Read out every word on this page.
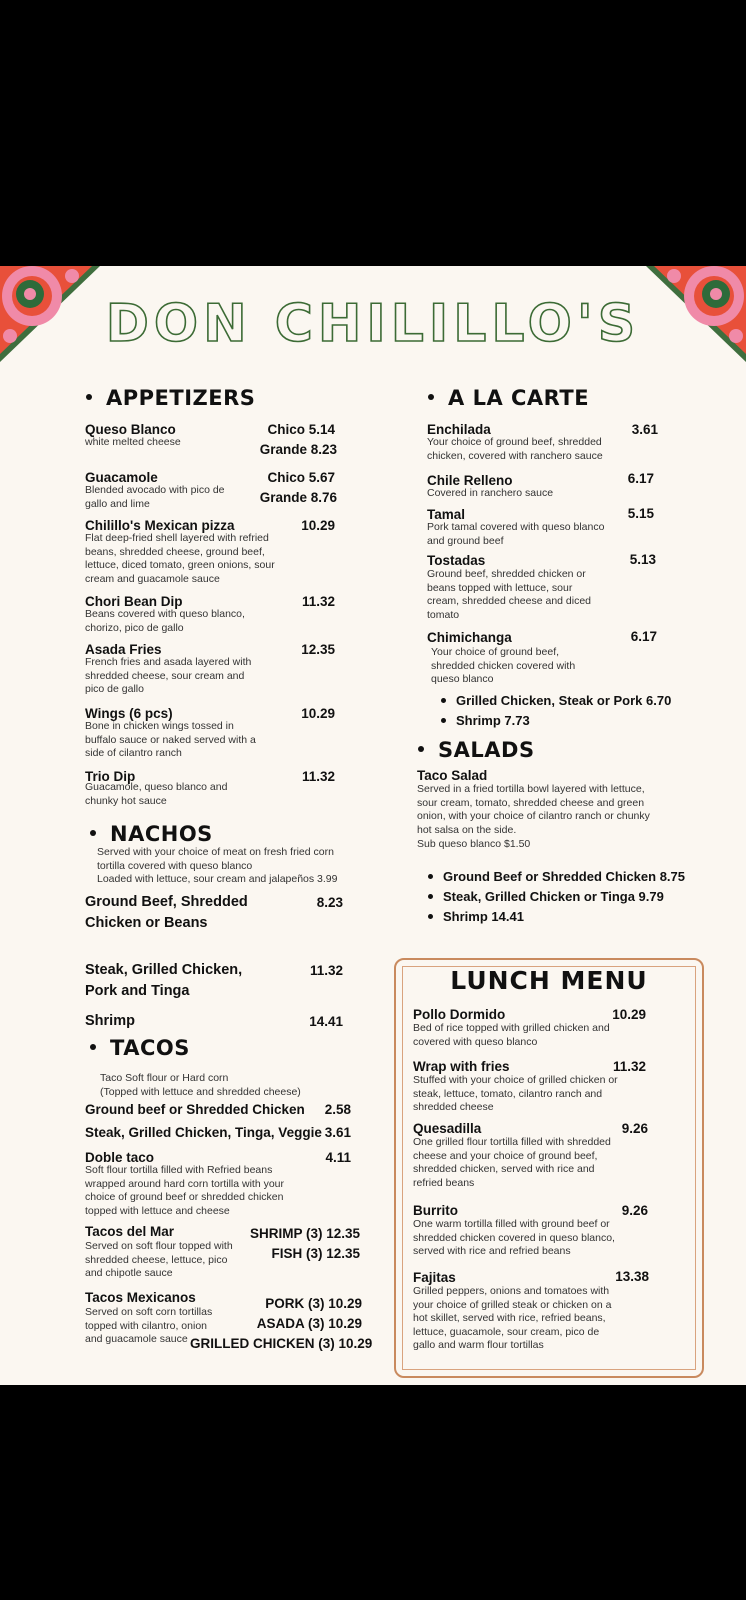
DON CHILILLO'S
APPETIZERS
Queso Blanco
white melted cheese
Chico 5.14
Grande 8.23
Guacamole
Blended avocado with pico de gallo and lime
Chico 5.67
Grande 8.76
Chilillo's Mexican pizza
Flat deep-fried shell layered with refried beans, shredded cheese, ground beef, lettuce, diced tomato, green onions, sour cream and guacamole sauce
10.29
Chori Bean Dip
Beans covered with queso blanco, chorizo, pico de gallo
11.32
Asada Fries
French fries and asada layered with shredded cheese, sour cream and pico de gallo
12.35
Wings (6 pcs)
Bone in chicken wings tossed in buffalo sauce or naked served with a side of cilantro ranch
10.29
Trio Dip
Guacamole, queso blanco and chunky hot sauce
11.32
NACHOS
Served with your choice of meat on fresh fried corn tortilla covered with queso blanco
Loaded with lettuce, sour cream and jalapeños 3.99
Ground Beef, Shredded Chicken or Beans
8.23
Steak, Grilled Chicken, Pork and Tinga
11.32
Shrimp	14.41
TACOS
Taco Soft flour or Hard corn
(Topped with lettuce and shredded cheese)
Ground beef or Shredded Chicken	2.58
Steak, Grilled Chicken, Tinga, Veggie 3.61
Doble taco
Soft flour tortilla filled with Refried beans wrapped around hard corn tortilla with your choice of ground beef or shredded chicken topped with lettuce and cheese
4.11
Tacos del Mar
Served on soft flour topped with shredded cheese, lettuce, pico and chipotle sauce
SHRIMP (3) 12.35
FISH (3) 12.35
Tacos Mexicanos
Served on soft corn tortillas topped with cilantro, onion and guacamole sauce
PORK (3) 10.29
ASADA (3) 10.29
GRILLED CHICKEN (3) 10.29
A LA CARTE
Enchilada
Your choice of ground beef, shredded chicken, covered with ranchero sauce
3.61
Chile Relleno
Covered in ranchero sauce
6.17
Tamal
Pork tamal covered with queso blanco and ground beef
5.15
Tostadas
Ground beef, shredded chicken or beans topped with lettuce, sour cream, shredded cheese and diced tomato
5.13
Chimichanga
Your choice of ground beef, shredded chicken covered with queso blanco
6.17
Grilled Chicken, Steak or Pork 6.70
Shrimp 7.73
SALADS
Taco Salad
Served in a fried tortilla bowl layered with lettuce, sour cream, tomato, shredded cheese and green onion, with your choice of cilantro ranch or chunky hot salsa on the side.
Sub queso blanco $1.50
Ground Beef or Shredded Chicken 8.75
Steak, Grilled Chicken or Tinga 9.79
Shrimp 14.41
LUNCH MENU
Pollo Dormido
Bed of rice topped with grilled chicken and covered with queso blanco
10.29
Wrap with fries
Stuffed with your choice of grilled chicken or steak, lettuce, tomato, cilantro ranch and shredded cheese
11.32
Quesadilla
One grilled flour tortilla filled with shredded cheese and your choice of ground beef, shredded chicken, served with rice and refried beans
9.26
Burrito
One warm tortilla filled with ground beef or shredded chicken covered in queso blanco, served with rice and refried beans
9.26
Fajitas
Grilled peppers, onions and tomatoes with your choice of grilled steak or chicken on a hot skillet, served with rice, refried beans, lettuce, guacamole, sour cream, pico de gallo and warm flour tortillas
13.38
